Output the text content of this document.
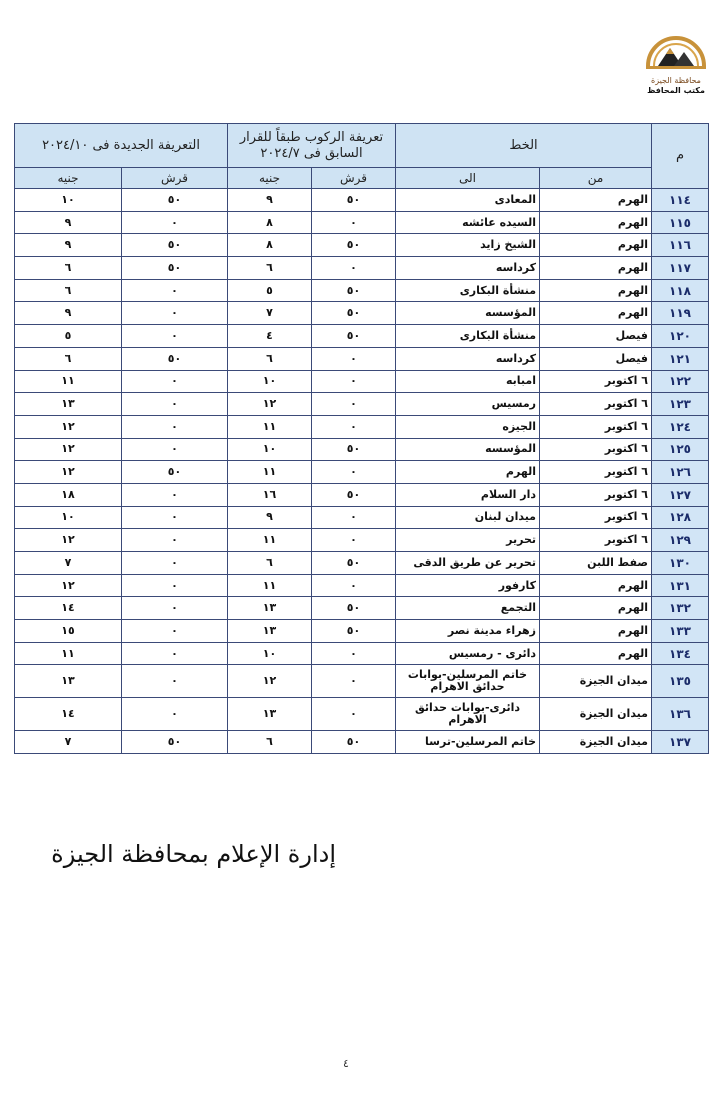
محافظة الجيزة
مكتب المحافظ
م	الخط		تعريفة الركوب طبقاً للقرار السابق فى ٢٠٢٤/٧		التعريفة الجديدة فى ٢٠٢٤/١٠	
	من	الى	قرش	جنيه	قرش	جنيه
١١٤	الهرم	المعادى	٥٠	٩	٥٠	١٠
١١٥	الهرم	السيده عائشه	٠	٨	٠	٩
١١٦	الهرم	الشيخ زايد	٥٠	٨	٥٠	٩
١١٧	الهرم	كرداسه	٠	٦	٥٠	٦
١١٨	الهرم	منشأة البكارى	٥٠	٥	٠	٦
١١٩	الهرم	المؤسسه	٥٠	٧	٠	٩
١٢٠	فيصل	منشأة البكارى	٥٠	٤	٠	٥
١٢١	فيصل	كرداسه	٠	٦	٥٠	٦
١٢٢	٦ اكتوبر	امبابه	٠	١٠	٠	١١
١٢٣	٦ اكتوبر	رمسيس	٠	١٢	٠	١٣
١٢٤	٦ اكتوبر	الجيزه	٠	١١	٠	١٢
١٢٥	٦ اكتوبر	المؤسسه	٥٠	١٠	٠	١٢
١٢٦	٦ اكتوبر	الهرم	٠	١١	٥٠	١٢
١٢٧	٦ اكتوبر	دار السلام	٥٠	١٦	٠	١٨
١٢٨	٦ اكتوبر	ميدان لبنان	٠	٩	٠	١٠
١٢٩	٦ اكتوبر	تحرير	٠	١١	٠	١٢
١٣٠	صفط اللبن	تحرير عن طريق الدقى	٥٠	٦	٠	٧
١٣١	الهرم	كارفور	٠	١١	٠	١٢
١٣٢	الهرم	التجمع	٥٠	١٣	٠	١٤
١٣٣	الهرم	زهراء مدينة نصر	٥٠	١٣	٠	١٥
١٣٤	الهرم	دائرى - رمسيس	٠	١٠	٠	١١
١٣٥	ميدان الجيزة	خاتم المرسلين-بوابات حدائق الاهرام	٠	١٢	٠	١٣
١٣٦	ميدان الجيزة	دائرى-بوابات حدائق الاهرام	٠	١٣	٠	١٤
١٣٧	ميدان الجيزة	خاتم المرسلين-ترسا	٥٠	٦	٥٠	٧
إدارة الإعلام بمحافظة الجيزة
٤
